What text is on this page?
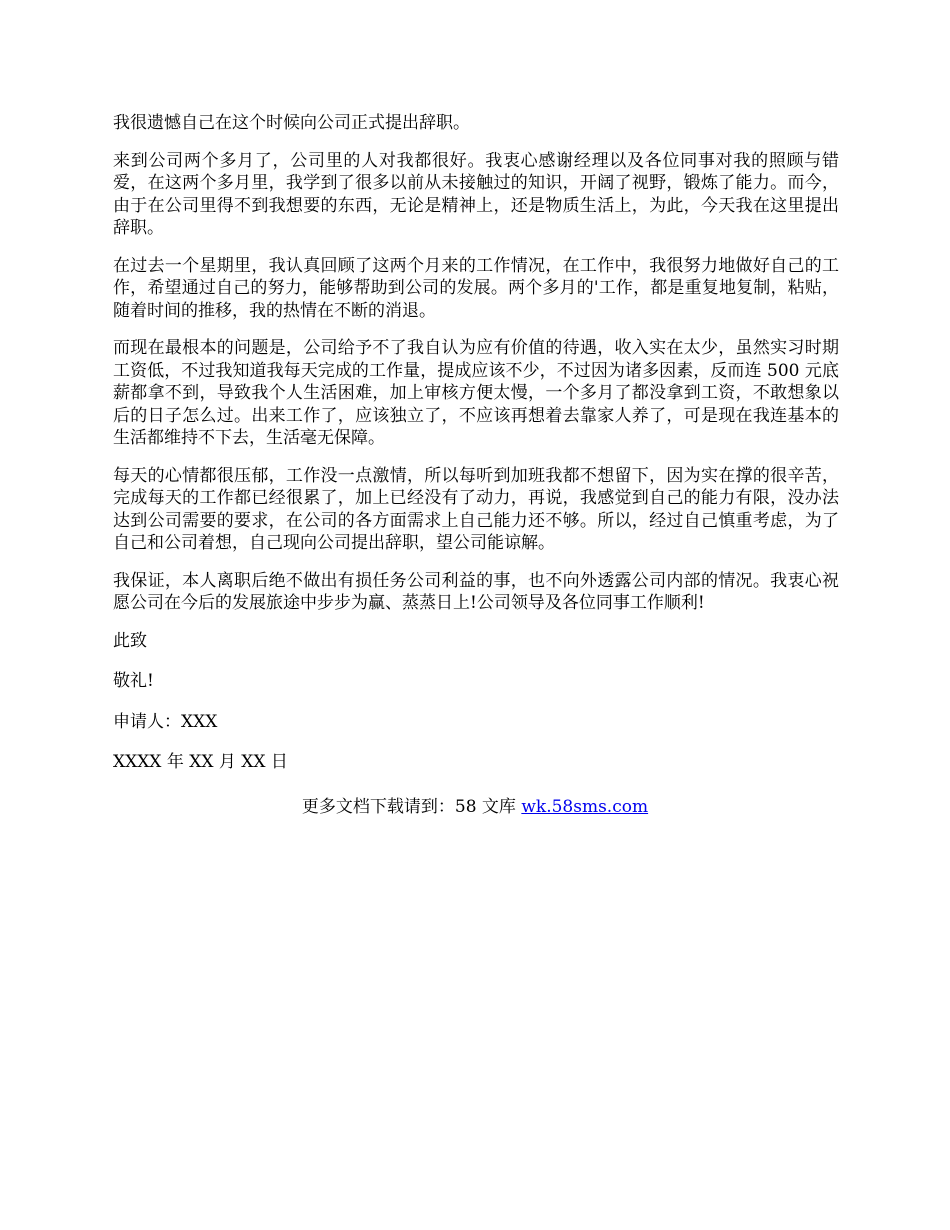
我很遗憾自己在这个时候向公司正式提出辞职。

来到公司两个多月了，公司里的人对我都很好。我衷心感谢经理以及各位同事对我的照顾与错爱，在这两个多月里，我学到了很多以前从未接触过的知识，开阔了视野，锻炼了能力。而今，由于在公司里得不到我想要的东西，无论是精神上，还是物质生活上，为此，今天我在这里提出辞职。

在过去一个星期里，我认真回顾了这两个月来的工作情况，在工作中，我很努力地做好自己的工作，希望通过自己的努力，能够帮助到公司的发展。两个多月的'工作，都是重复地复制，粘贴，随着时间的推移，我的热情在不断的消退。

而现在最根本的问题是，公司给予不了我自认为应有价值的待遇，收入实在太少，虽然实习时期工资低，不过我知道我每天完成的工作量，提成应该不少，不过因为诸多因素，反而连 500 元底薪都拿不到，导致我个人生活困难，加上审核方便太慢，一个多月了都没拿到工资，不敢想象以后的日子怎么过。出来工作了，应该独立了，不应该再想着去靠家人养了，可是现在我连基本的生活都维持不下去，生活毫无保障。

每天的心情都很压郁，工作没一点激情，所以每听到加班我都不想留下，因为实在撑的很辛苦，完成每天的工作都已经很累了，加上已经没有了动力，再说，我感觉到自己的能力有限，没办法达到公司需要的要求，在公司的各方面需求上自己能力还不够。所以，经过自己慎重考虑，为了自己和公司着想，自己现向公司提出辞职，望公司能谅解。

我保证，本人离职后绝不做出有损任务公司利益的事，也不向外透露公司内部的情况。我衷心祝愿公司在今后的发展旅途中步步为赢、蒸蒸日上!公司领导及各位同事工作顺利!

此致

敬礼!

申请人：XXX

XXXX 年 XX 月 XX 日

更多文档下载请到：58 文库 wk.58sms.com
